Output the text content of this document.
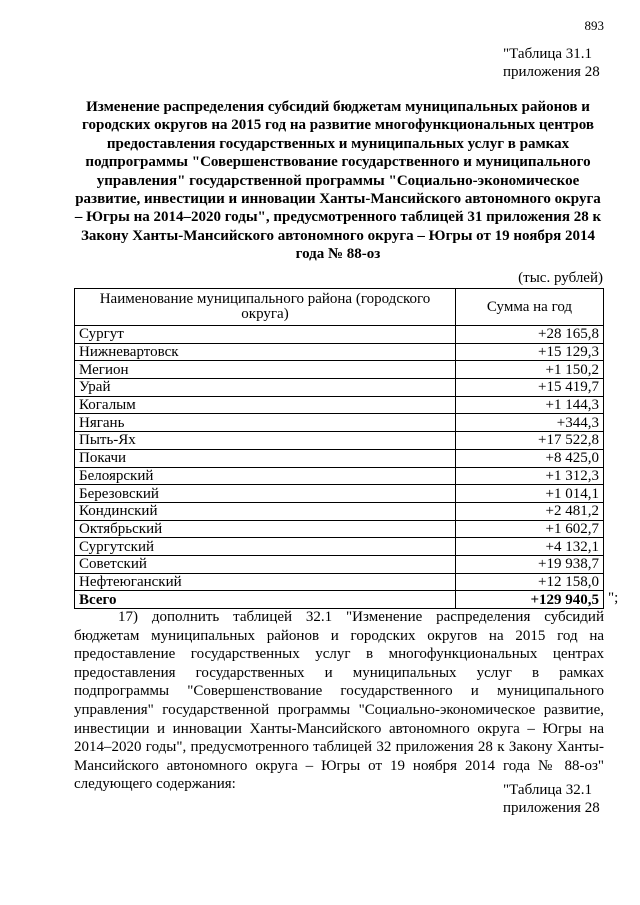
893
"Таблица 31.1
приложения 28
Изменение распределения субсидий бюджетам муниципальных районов и городских округов на 2015 год на развитие многофункциональных центров предоставления государственных и муниципальных услуг в рамках подпрограммы "Совершенствование государственного и муниципального управления" государственной программы "Социально-экономическое развитие, инвестиции и инновации Ханты-Мансийского автономного округа – Югры на 2014–2020 годы", предусмотренного таблицей 31 приложения 28 к Закону Ханты-Мансийского автономного округа – Югры от 19 ноября 2014 года № 88-оз
(тыс. рублей)
Наименование муниципального района (городского округа)	Сумма на год
Сургут	+28 165,8
Нижневартовск	+15 129,3
Мегион	+1 150,2
Урай	+15 419,7
Когалым	+1 144,3
Нягань	+344,3
Пыть-Ях	+17 522,8
Покачи	+8 425,0
Белоярский	+1 312,3
Березовский	+1 014,1
Кондинский	+2 481,2
Октябрьский	+1 602,7
Сургутский	+4 132,1
Советский	+19 938,7
Нефтеюганский	+12 158,0
Всего	+129 940,5 ";
17) дополнить таблицей 32.1 "Изменение распределения субсидий бюджетам муниципальных районов и городских округов на 2015 год на предоставление государственных услуг в многофункциональных центрах предоставления государственных и муниципальных услуг в рамках подпрограммы "Совершенствование государственного и муниципального управления" государственной программы "Социально-экономическое развитие, инвестиции и инновации Ханты-Мансийского автономного округа – Югры на 2014–2020 годы", предусмотренного таблицей 32 приложения 28 к Закону Ханты-Мансийского автономного округа – Югры от 19 ноября 2014 года № 88-оз" следующего содержания:	"Таблица 32.1
приложения 28
